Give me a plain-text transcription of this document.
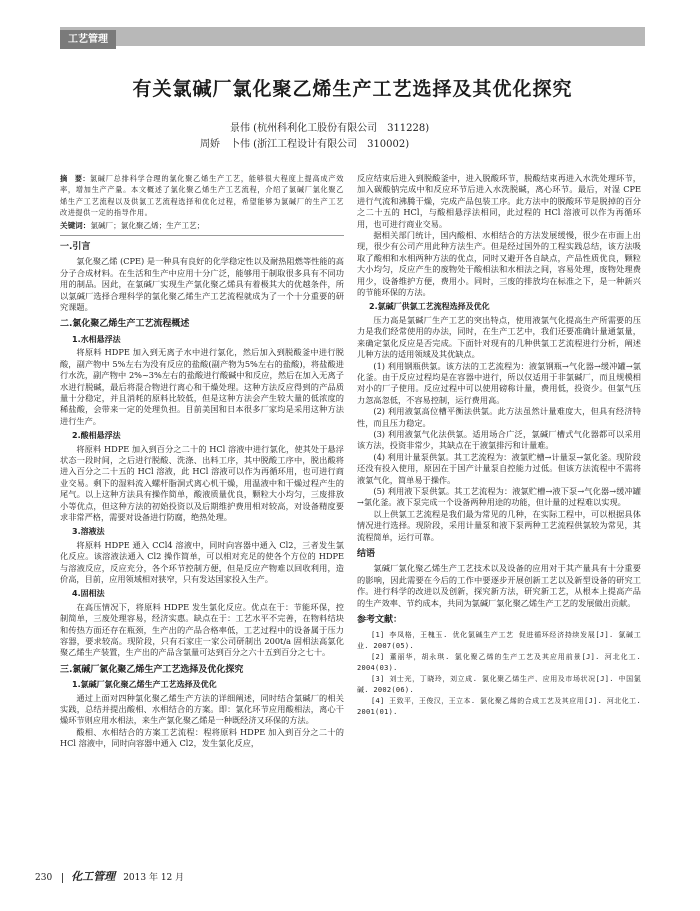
工艺管理
有关氯碱厂氯化聚乙烯生产工艺选择及其优化探究
景伟 (杭州科利化工股份有限公司　311228)
周娇　卜伟 (浙江工程设计有限公司　310002)
摘　要：氯碱厂总排科学合理的氯化聚乙烯生产工艺，能够很大程度上提高成产效率，增加生产产量。本文概述了氯化聚乙烯生产工艺流程，介绍了氯碱厂氯化聚乙烯生产工艺流程以及供氯工艺流程选择和优化过程，希望能够为氯碱厂的生产工艺改进提供一定的指导作用。
关键词：氯碱厂；氯化聚乙烯；生产工艺；
一.引言

氯化聚乙烯 (CPE) 是一种具有良好的化学稳定性以及耐热阻燃等性能的高分子合成材料。在生活和生产中应用十分广泛，能够用于制取很多具有不同功用的制品。因此，在氯碱厂实现生产氯化聚乙烯具有着极其大的优越条件，所以氯碱厂选择合理科学的氯化聚乙烯生产工艺流程就成为了一个十分重要的研究课题。

二.氯化聚乙烯生产工艺流程概述
1.水相悬浮法

将原料 HDPE 加入到无离子水中进行氯化，然后加入到脱酸釜中进行脱酸，副产物中 5%左右为没有反应的盐酸(副产物为5%左右的盐酸)，将盐酸进行水洗，副产物中 2%~3%左右的盐酸进行酸碱中和反应，然后在加入无离子水进行脱碱，最后将混合物进行离心和干燥处理。这种方法反应得到的产品质量十分稳定，并且消耗的原料比较低，但是这种方法会产生较大量的低浓度的稀盐酸，会带来一定的处理负担。目前美国和日本很多厂家均是采用这种方法进行生产。

2.酸相悬浮法

将原料 HDPE 加入到百分之二十的 HCl 溶液中进行氯化，使其处于悬浮状态一段时间，之后进行脱酸、洗涤、出料工序，其中脱酸工序中，脱出酸将进入百分之二十五的 HCl 溶液，此 HCl 溶液可以作为再循环用，也可进行商业交易。剩下的湿料流入螺杆脂洞式离心机干燥，用温液中和干燥过程产生的尾气。以上这种方法具有操作简单，酸液质量优良，颗粒大小均匀，三废排放小等优点，但这种方法的初始投资以及后期维护费用相对较高，对设备精度要求非常严格，需要对设备进行防腐，绝热处理。

3.溶液法

将原料 HDPE 通入 CCl4 溶液中，同时向容器中通入 Cl2，三者发生氯化反应。该溶液法通入 Cl2 操作简单，可以相对充足的使各个方位的 HDPE 与溶液反应，反应充分，各个环节控制方便，但是反应产物难以回收利用，造价高，目前，应用领域相对狭窄，只有发达国家投入生产。

4.固相法

在高压情况下，将原料 HDPE 发生氯化反应。优点在于：节能环保，控制简单，三废处理容易，经济实惠。缺点在于：工艺水平不完善，在物料结块和传热方面还存在瓶颈，生产出的产品合格率低，工艺过程中的设备属于压力容器，要求较高。现阶段，只有石家庄一家公司研制出 200t/a 固相法高氯化聚乙烯生产装置，生产出的产品含氯量可达到百分之六十五到百分之七十。

三.氯碱厂氯化聚乙烯生产工艺选择及优化探究
1.氯碱厂氯化聚乙烯生产工艺选择及优化

通过上面对四种氯化聚乙烯生产方法的详细阐述，同时结合氯碱厂的相关实践，总结并提出酸相、水相结合的方案。即：氯化环节应用酸相法，离心干燥环节则应用水相法，来生产氯化聚乙烯是一种既经济又环保的方法。

酸相、水相结合的方案工艺流程：程将原料 HDPE 加入到百分之二十的 HCl 溶液中，同时向容器中通入 Cl2，发生氯化反应，

反应结束后进入到脱酸釜中，进入脱酸环节，脱酸结束再进入水洗处理环节，加入碳酸钠完成中和反应环节后进入水洗脱碱，离心环节。最后，对湿 CPE 进行气流和沸腾干燥，完成产品包装工序。此方法中的脱酸环节是脱掉的百分之二十五的 HCl，与酸相悬浮法相同，此过程的 HCl 溶液可以作为再循环用，也可进行商业交易。

据相关部门统计，国内酸相、水相结合的方法发展缓慢，很少在市面上出现，很少有公司产用此种方法生产。但是经过国外的工程实践总结，该方法吸取了酸相和水相两种方法的优点，同时又避开各自缺点，产品性质优良，颗粒大小均匀，反应产生的废物处于酸相法和水相法之间，容易处理，废物处理费用少，设备维护方便，费用小。同时，三废的排放均在标准之下，是一种新兴的节能环保的方法。

2.氯碱厂供氯工艺流程选择及优化

压力高是氯碱厂生产工艺的突出特点，使用液氯气化提高生产所需要的压力是我们经常使用的办法，同时，在生产工艺中，我们还要准确计量通氯量，来确定氯化反应是否完成。下面针对现有的几种供氯工艺流程进行分析，阐述儿种方法的适用领域及其优缺点。

(1) 利用钢瓶供氯。该方法的工艺流程为：液氯钢瓶→气化器→缓冲罐→氯化釜。由于反应过程均是在容器中进行，所以仅适用于非氯碱厂，而且规模相对小的厂子使用。反应过程中可以使用磅称计量，费用低，投资少。但氯气压力忽高忽低，不容易控制，运行费用高。

(2) 利用液氯高位槽平衡法供氯。此方法虽然计量难度大，但具有经济特性，而且压力稳定。

(3) 利用液氯气化法供氯。适用场合广泛，氯碱厂槽式气化器都可以采用该方法，投资非常少，其缺点在于液氯排污和计量难。

(4) 利用计量泵供氯。其工艺流程为：液氯贮槽→计量泵→氯化釜。现阶段还没有投入使用，原因在于国产计量泵自控能力过低。但该方法流程中不需将液氯气化，简单易于操作。

(5) 利用液下泵供氯。其工艺流程为：液氯贮槽→液下泵→气化器→缓冲罐→氯化釜。液下泵完成一个设备两种用途的功能，但计量的过程难以实现。

以上供氯工艺流程是我们最为常见的几种，在实际工程中，可以根据具体情况进行选择。现阶段，采用计量泵和液下泵两种工艺流程供氯较为常见，其流程简单，运行可靠。

结语

氯碱厂氯化聚乙烯生产工艺技术以及设备的应用对于其产量具有十分重要的影响，因此需要在今后的工作中要逐步开展创新工艺以及新型设备的研究工作。进行科学的改进以及创新，探究新方法，研究新工艺，从根本上提高产品的生产效率、节约成本，共同为氯碱厂氯化聚乙烯生产工艺的发展做出贡献。

参考文献：
[1] 李凤格，王槐玉. 优化氯碱生产工艺 促进循环经济持续发展[J]. 氯碱工业. 2007(05).
[2] 董丽华，胡永琪. 氯化聚乙烯的生产工艺及其应用前景[J]. 河北化工. 2004(03).
[3] 刘士光，丁晓玲，刘立成. 氯化聚乙烯生产、应用及市场状况[J]. 中国氯碱. 2002(06).
[4] 王致平，王俊汉，王立本. 氯化聚乙烯的合成工艺及其应用[J]. 河北化工. 2001(01).
230 化工管理 2013 年 12 月
